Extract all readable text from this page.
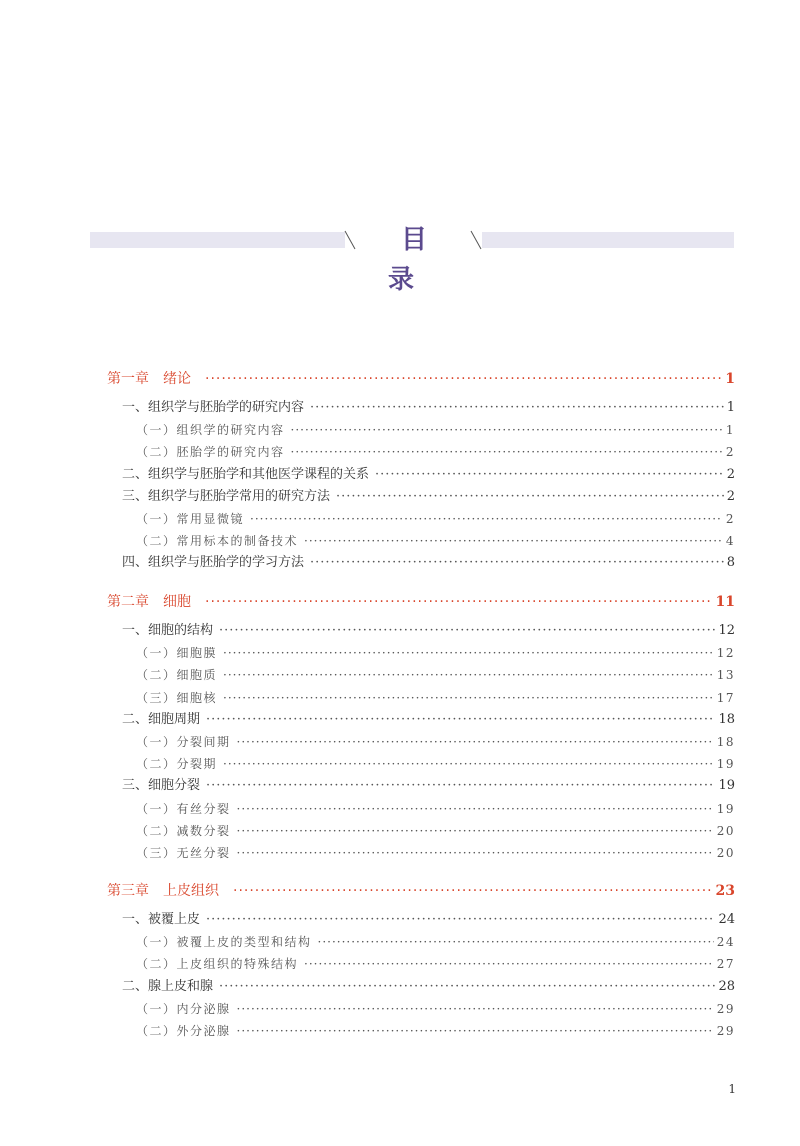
目 录
第一章 绪论 ·····	1
一、组织学与胚胎学的研究内容 ·····	1
（一）组织学的研究内容 ·····	1
（二）胚胎学的研究内容 ·····	2
二、组织学与胚胎学和其他医学课程的关系 ·····	2
三、组织学与胚胎学常用的研究方法 ·····	2
（一）常用显微镜 ·····	2
（二）常用标本的制备技术 ·····	4
四、组织学与胚胎学的学习方法 ·····	8
第二章 细胞 ·····	11
一、细胞的结构 ·····	12
（一）细胞膜 ·····	12
（二）细胞质 ·····	13
（三）细胞核 ·····	17
二、细胞周期 ·····	18
（一）分裂间期 ·····	18
（二）分裂期 ·····	19
三、细胞分裂 ·····	19
（一）有丝分裂 ·····	19
（二）减数分裂 ·····	20
（三）无丝分裂 ·····	20
第三章 上皮组织 ·····	23
一、被覆上皮 ·····	24
（一）被覆上皮的类型和结构 ·····	24
（二）上皮组织的特殊结构 ·····	27
二、腺上皮和腺 ·····	28
（一）内分泌腺 ·····	29
（二）外分泌腺 ·····	29
1
